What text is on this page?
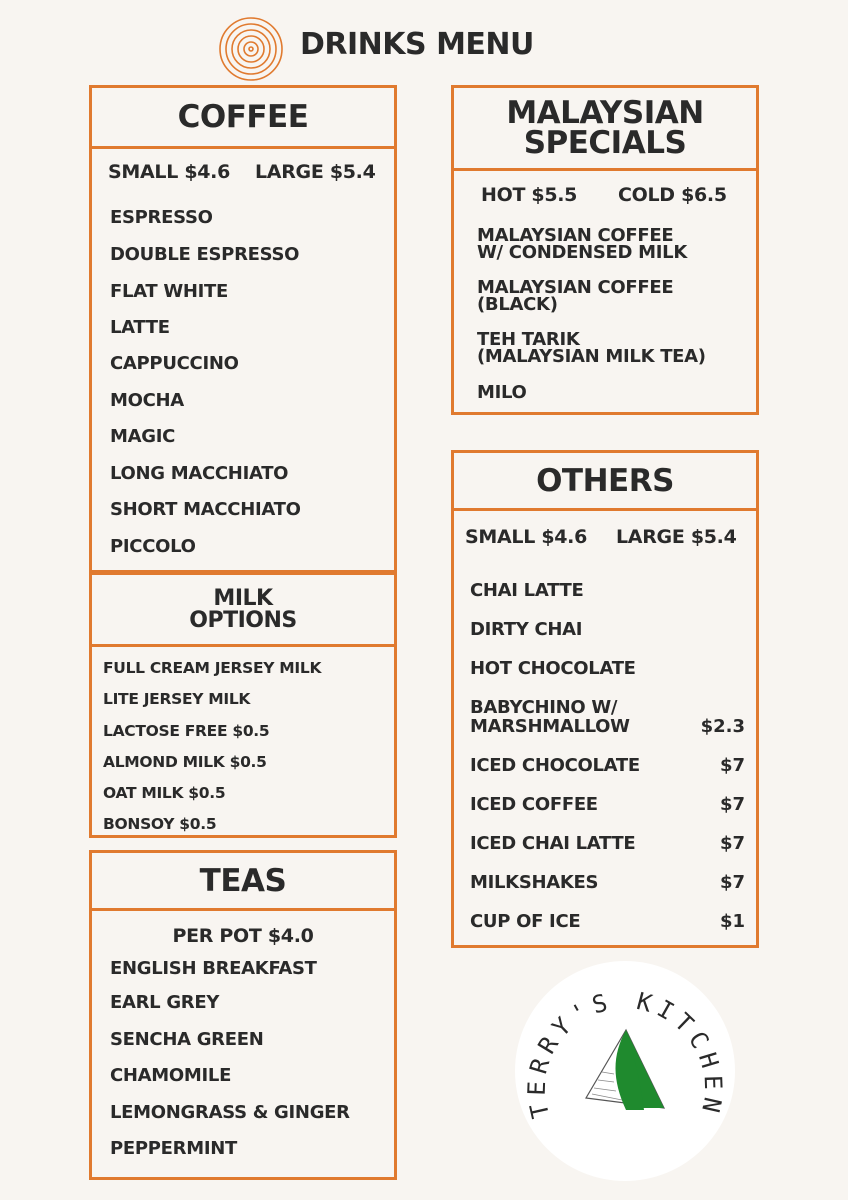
DRINKS MENU
COFFEE
SMALL $4.6 LARGE $5.4
ESPRESSO
DOUBLE ESPRESSO
FLAT WHITE
LATTE
CAPPUCCINO
MOCHA
MAGIC
LONG MACCHIATO
SHORT MACCHIATO
PICCOLO
MILK
OPTIONS
FULL CREAM JERSEY MILK
LITE JERSEY MILK
LACTOSE FREE $0.5
ALMOND MILK $0.5
OAT MILK $0.5
BONSOY $0.5
TEAS
PER POT $4.0
ENGLISH BREAKFAST
EARL GREY
SENCHA GREEN
CHAMOMILE
LEMONGRASS & GINGER
PEPPERMINT
MALAYSIAN
SPECIALS
HOT $5.5 COLD $6.5
MALAYSIAN COFFEE
W/ CONDENSED MILK
MALAYSIAN COFFEE
(BLACK)
TEH TARIK
(MALAYSIAN MILK TEA)
MILO
OTHERS
SMALL $4.6 LARGE $5.4
CHAI LATTE
DIRTY CHAI
HOT CHOCOLATE
BABYCHINO W/
MARSHMALLOW	$2.3
ICED CHOCOLATE	$7
ICED COFFEE	$7
ICED CHAI LATTE	$7
MILKSHAKES	$7
CUP OF ICE	$1
TERRY'S KITCHEN
